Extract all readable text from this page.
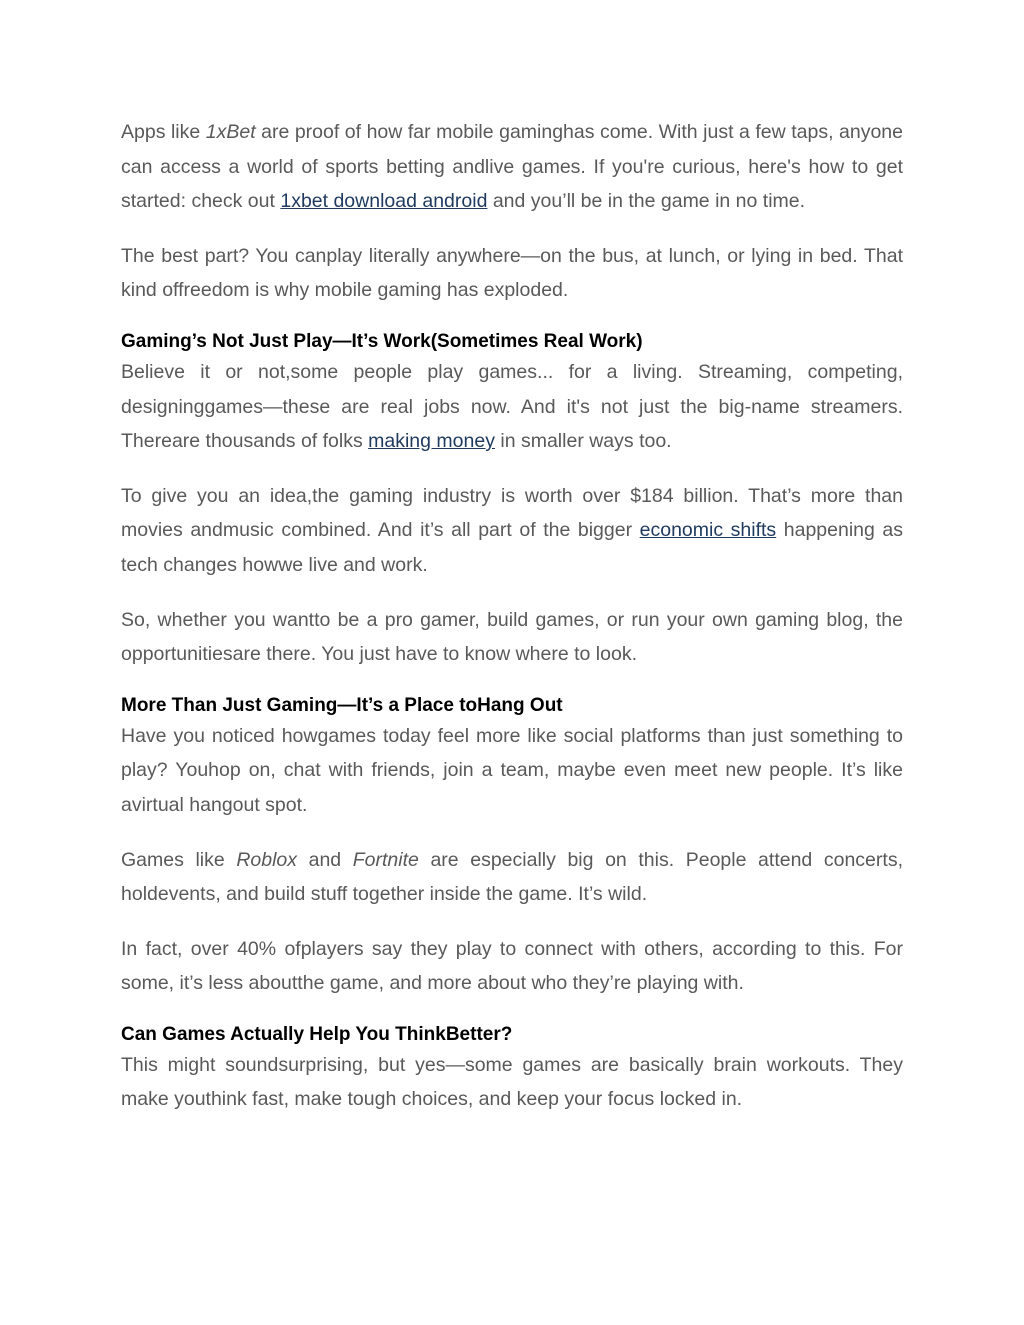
Apps like 1xBet are proof of how far mobile gaminghas come. With just a few taps, anyone can access a world of sports betting andlive games. If you're curious, here's how to get started: check out 1xbet download android and you’ll be in the game in no time.

The best part? You canplay literally anywhere—on the bus, at lunch, or lying in bed. That kind offreedom is why mobile gaming has exploded.

Gaming’s Not Just Play—It’s Work(Sometimes Real Work)

Believe it or not,some people play games... for a living. Streaming, competing, designinggames—these are real jobs now. And it's not just the big-name streamers. Thereare thousands of folks making money in smaller ways too.

To give you an idea,the gaming industry is worth over $184 billion. That’s more than movies andmusic combined. And it’s all part of the bigger economic shifts happening as tech changes howwe live and work.

So, whether you wantto be a pro gamer, build games, or run your own gaming blog, the opportunitiesare there. You just have to know where to look.

More Than Just Gaming—It’s a Place toHang Out

Have you noticed howgames today feel more like social platforms than just something to play? Youhop on, chat with friends, join a team, maybe even meet new people. It’s like avirtual hangout spot.

Games like Roblox and Fortnite are especially big on this. People attend concerts, holdevents, and build stuff together inside the game. It’s wild.

In fact, over 40% ofplayers say they play to connect with others, according to this. For some, it’s less aboutthe game, and more about who they’re playing with.

Can Games Actually Help You ThinkBetter?

This might soundsurprising, but yes—some games are basically brain workouts. They make youthink fast, make tough choices, and keep your focus locked in.
